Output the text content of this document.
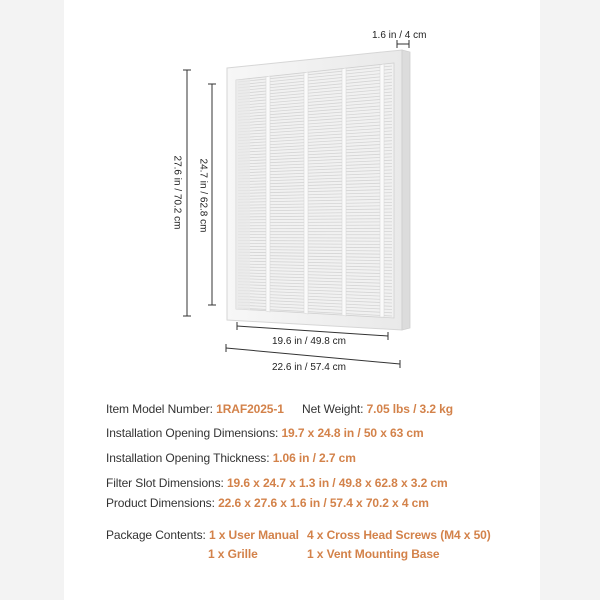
1.6 in / 4 cm
27.6 in / 70.2 cm 24.7 in / 62.8 cm
19.6 in / 49.8 cm
22.6 in / 57.4 cm
Item Model Number: 1RAF2025-1 Net Weight: 7.05 lbs / 3.2 kg
Installation Opening Dimensions: 19.7 x 24.8 in / 50 x 63 cm
Installation Opening Thickness: 1.06 in / 2.7 cm
Filter Slot Dimensions: 19.6 x 24.7 x 1.3 in / 49.8 x 62.8 x 3.2 cm
Product Dimensions: 22.6 x 27.6 x 1.6 in / 57.4 x 70.2 x 4 cm
Package Contents: 1 x User Manual 4 x Cross Head Screws (M4 x 50)
1 x Grille	1 x Vent Mounting Base
